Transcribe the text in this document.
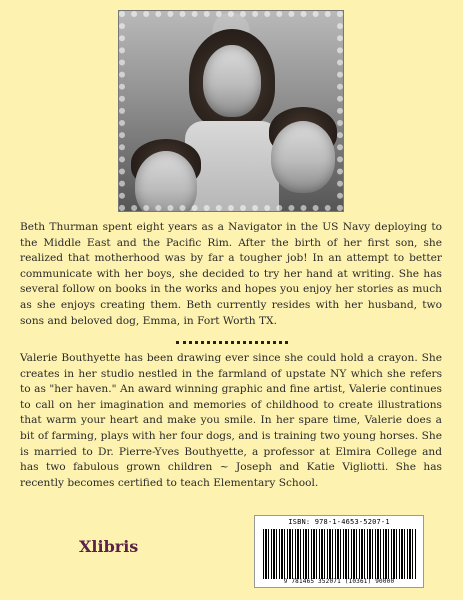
Beth Thurman spent eight years as a Navigator in the US Navy deploying to the Middle East and the Pacific Rim. After the birth of her first son, she realized that motherhood was by far a tougher job! In an attempt to better communicate with her boys, she decided to try her hand at writing. She has several follow on books in the works and hopes you enjoy her stories as much as she enjoys creating them. Beth currently resides with her husband, two sons and beloved dog, Emma, in Fort Worth TX.
Valerie Bouthyette has been drawing ever since she could hold a crayon. She creates in her studio nestled in the farmland of upstate NY which she refers to as "her haven." An award winning graphic and fine artist, Valerie continues to call on her imagination and memories of childhood to create illustrations that warm your heart and make you smile. In her spare time, Valerie does a bit of farming, plays with her four dogs, and is training two young horses. She is married to Dr. Pierre-Yves Bouthyette, a professor at Elmira College and has two fabulous grown children ~ Joseph and Katie Vigliotti. She has recently becomes certified to teach Elementary School.
Xlibris
ISBN: 978-1-4653-5207-1
9 781465 352071 (10361) 90000
